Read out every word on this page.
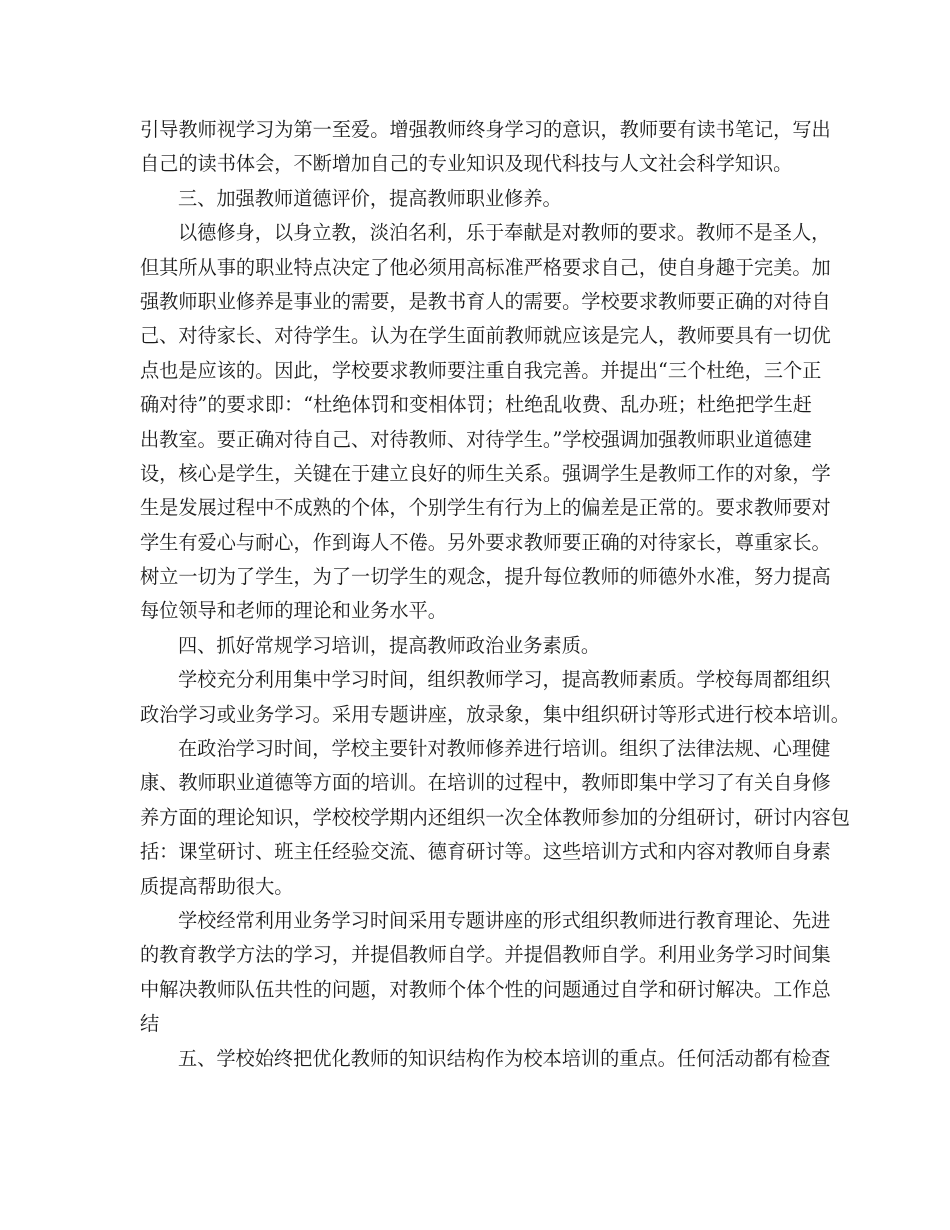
引导教师视学习为第一至爱。增强教师终身学习的意识，教师要有读书笔记，写出
自己的读书体会，不断增加自己的专业知识及现代科技与人文社会科学知识。
三、加强教师道德评价，提高教师职业修养。
以德修身，以身立教，淡泊名利，乐于奉献是对教师的要求。教师不是圣人，
但其所从事的职业特点决定了他必须用高标准严格要求自己，使自身趣于完美。加
强教师职业修养是事业的需要，是教书育人的需要。学校要求教师要正确的对待自
己、对待家长、对待学生。认为在学生面前教师就应该是完人，教师要具有一切优
点也是应该的。因此，学校要求教师要注重自我完善。并提出“三个杜绝，三个正
确对待”的要求即：“杜绝体罚和变相体罚；杜绝乱收费、乱办班；杜绝把学生赶
出教室。要正确对待自己、对待教师、对待学生。”学校强调加强教师职业道德建
设，核心是学生，关键在于建立良好的师生关系。强调学生是教师工作的对象，学
生是发展过程中不成熟的个体，个别学生有行为上的偏差是正常的。要求教师要对
学生有爱心与耐心，作到诲人不倦。另外要求教师要正确的对待家长，尊重家长。
树立一切为了学生，为了一切学生的观念，提升每位教师的师德外水准，努力提高
每位领导和老师的理论和业务水平。
四、抓好常规学习培训，提高教师政治业务素质。
学校充分利用集中学习时间，组织教师学习，提高教师素质。学校每周都组织
政治学习或业务学习。采用专题讲座，放录象，集中组织研讨等形式进行校本培训。
在政治学习时间，学校主要针对教师修养进行培训。组织了法律法规、心理健
康、教师职业道德等方面的培训。在培训的过程中，教师即集中学习了有关自身修
养方面的理论知识，学校校学期内还组织一次全体教师参加的分组研讨，研讨内容包
括：课堂研讨、班主任经验交流、德育研讨等。这些培训方式和内容对教师自身素
质提高帮助很大。
学校经常利用业务学习时间采用专题讲座的形式组织教师进行教育理论、先进
的教育教学方法的学习，并提倡教师自学。并提倡教师自学。利用业务学习时间集
中解决教师队伍共性的问题，对教师个体个性的问题通过自学和研讨解决。工作总
结
五、学校始终把优化教师的知识结构作为校本培训的重点。任何活动都有检查
